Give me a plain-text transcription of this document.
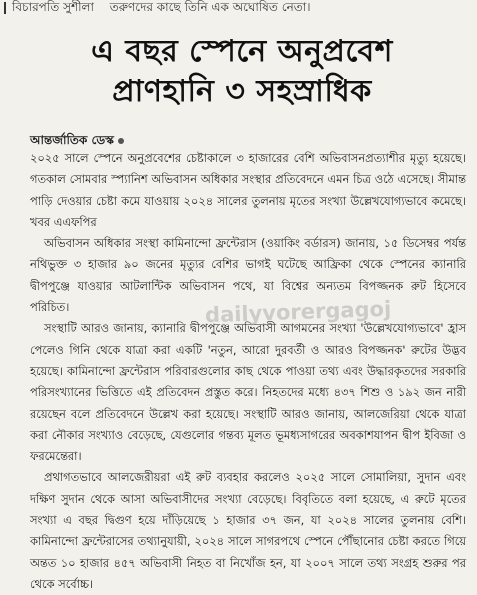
বিচারপতি সুশীলা তরুণদের কাছে তিনি এক অঘোষিত নেতা।
এ বছর স্পেনে অনুপ্রবেশ
প্রাণহানি ৩ সহস্রাধিক
আন্তর্জাতিক ডেস্ক

২০২৫ সালে স্পেনে অনুপ্রবেশের চেষ্টাকালে ৩ হাজারের বেশি অভিবাসনপ্রত্যাশীর মৃত্যু হয়েছে। গতকাল সোমবার স্প্যানিশ অভিবাসন অধিকার সংস্থার প্রতিবেদনে এমন চিত্র ওঠে এসেছে। সীমান্ত পাড়ি দেওয়ার চেষ্টা কমে যাওয়ায় ২০২৪ সালের তুলনায় মৃতের সংখ্যা উল্লেখযোগ্যভাবে কমেছে। খবর এএফপির

অভিবাসন অধিকার সংস্থা কামিনান্দো ফ্রন্টেরাস (ওয়াকিং বর্ডারস) জানায়, ১৫ ডিসেম্বর পর্যন্ত নথিভুক্ত ৩ হাজার ৯০ জনের মৃত্যুর বেশির ভাগই ঘটেছে আফ্রিকা থেকে স্পেনের ক্যানারি দ্বীপপুঞ্জে যাওয়ার আটলান্টিক অভিবাসন পথে, যা বিশ্বের অন্যতম বিপজ্জনক রুট হিসেবে পরিচিত।

সংস্থাটি আরও জানায়, ক্যানারি দ্বীপপুঞ্জে অভিবাসী আগমনের সংখ্যা 'উল্লেখযোগ্যভাবে' হ্রাস পেলেও গিনি থেকে যাত্রা করা একটি 'নতুন, আরো দুরবর্তী ও আরও বিপজ্জনক' রুটের উদ্ভব হয়েছে। কামিনান্দো ফ্রন্টেরাস পরিবারগুলোর কাছ থেকে পাওয়া তথ্য এবং উদ্ধারকৃতদের সরকারি পরিসংখ্যানের ভিত্তিতে এই প্রতিবেদন প্রস্তুত করে। নিহতদের মধ্যে ৪৩৭ শিশু ও ১৯২ জন নারী রয়েছেন বলে প্রতিবেদনে উল্লেখ করা হয়েছে। সংস্থাটি আরও জানায়, আলজেরিয়া থেকে যাত্রা করা নৌকার সংখ্যাও বেড়েছে, যেগুলোর গন্তব্য মূলত ভূমধ্যসাগরের অবকাশযাপন দ্বীপ ইবিজা ও ফরমেন্তেরা।

প্রথাগতভাবে আলজেরীয়রা এই রুট ব্যবহার করলেও ২০২৫ সালে সোমালিয়া, সুদান এবং দক্ষিণ সুদান থেকে আসা অভিবাসীদের সংখ্যা বেড়েছে। বিবৃতিতে বলা হয়েছে, এ রুটে মৃতের সংখ্যা এ বছর দ্বিগুণ হয়ে দাঁড়িয়েছে ১ হাজার ৩৭ জন, যা ২০২৪ সালের তুলনায় বেশি। কামিনান্দো ফ্রন্টেরাসের তথ্যানুযায়ী, ২০২৪ সালে সাগরপথে স্পেনে পৌঁছানোর চেষ্টা করতে গিয়ে অন্তত ১০ হাজার ৪৫৭ অভিবাসী নিহত বা নিখোঁজ হন, যা ২০০৭ সালে তথ্য সংগ্রহ শুরুর পর থেকে সর্বোচ্চ।

dailyvorergagoj
